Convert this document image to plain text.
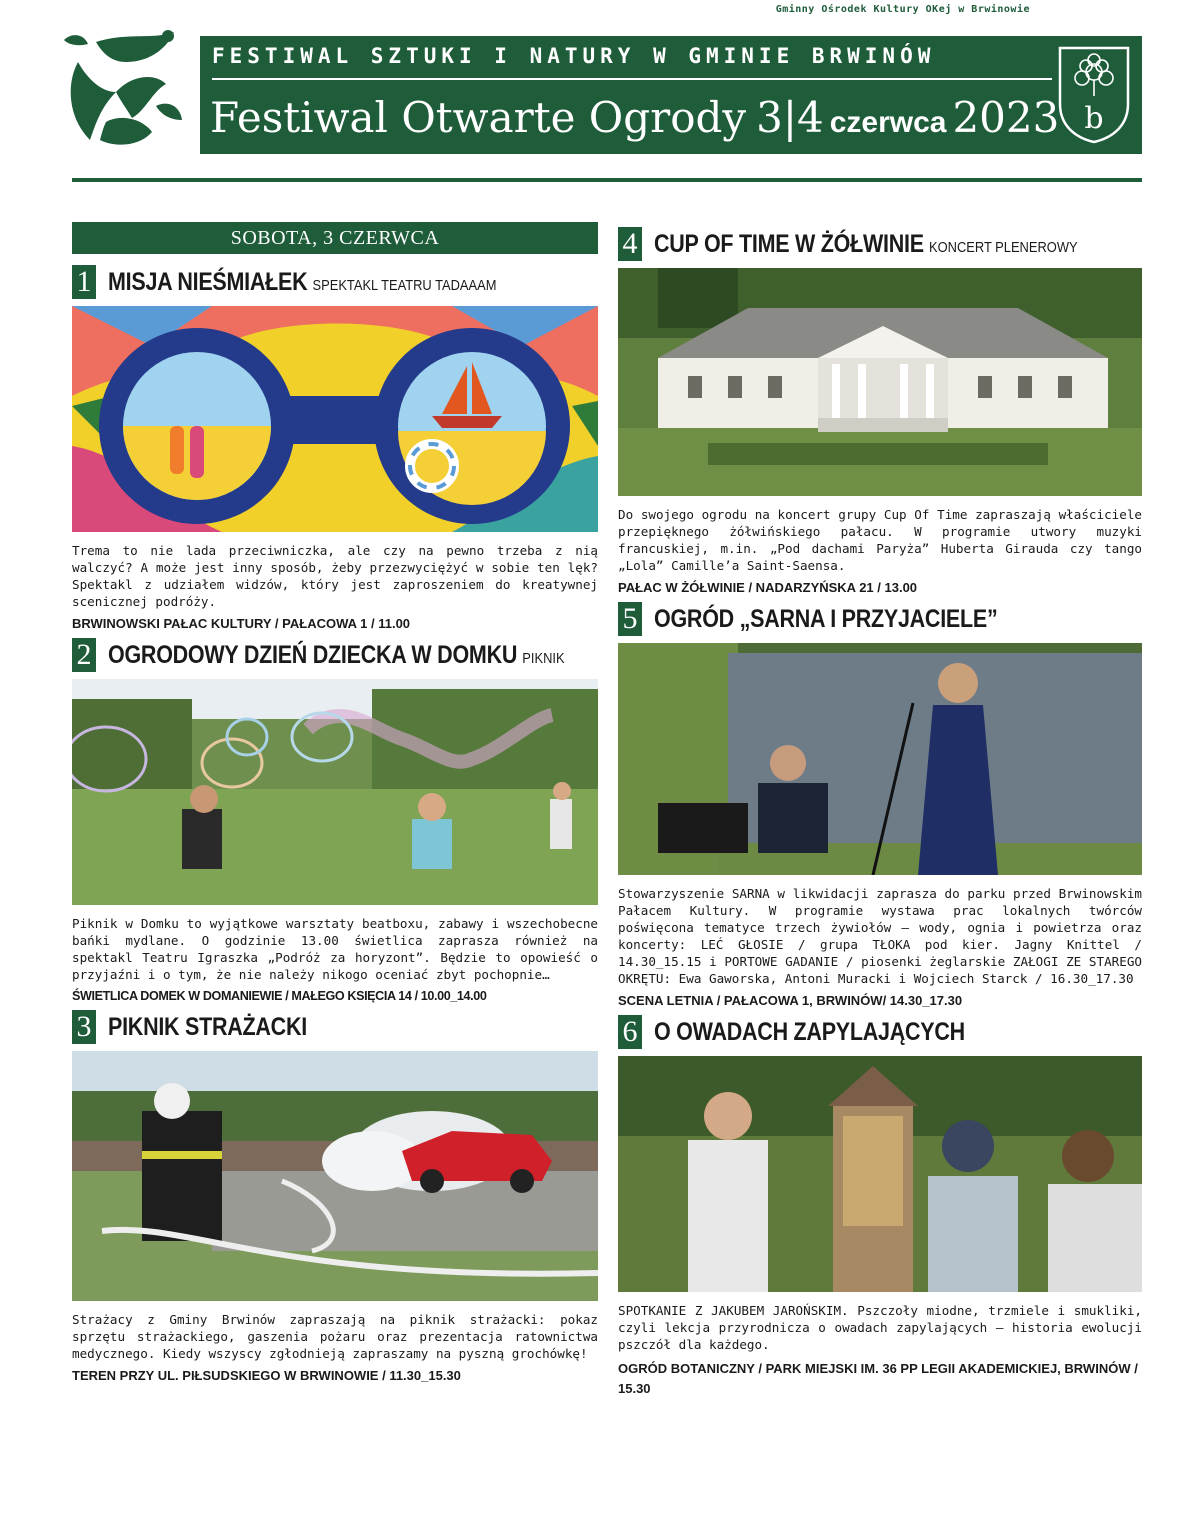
Gminny Ośrodek Kultury OKej w Brwinowie
FESTIWAL SZTUKI I NATURY W GMINIE BRWINÓW
Festiwal Otwarte Ogrody 3|4 czerwca 2023 b
SOBOTA, 3 CZERWCA
1 MISJA NIEŚMIAŁEK SPEKTAKL TEATRU TADAAAM

Trema to nie lada przeciwniczka, ale czy na pewno trzeba z nią walczyć? A może jest inny sposób, żeby przezwyciężyć w sobie ten lęk? Spektakl z udziałem widzów, który jest zaproszeniem do kreatywnej scenicznej podróży.

BRWINOWSKI PAŁAC KULTURY / PAŁACOWA 1 / 11.00
2 OGRODOWY DZIEŃ DZIECKA W DOMKU PIKNIK

Piknik w Domku to wyjątkowe warsztaty beatboxu, zabawy i wszechobecne bańki mydlane. O godzinie 13.00 świetlica zaprasza również na spektakl Teatru Igraszka „Podróż za horyzont”. Będzie to opowieść o przyjaźni i o tym, że nie należy nikogo oceniać zbyt pochopnie…

ŚWIETLICA DOMEK W DOMANIEWIE / MAŁEGO KSIĘCIA 14 / 10.00_14.00
3 PIKNIK STRAŻACKI

Strażacy z Gminy Brwinów zapraszają na piknik strażacki: pokaz sprzętu strażackiego, gaszenia pożaru oraz prezentacja ratownictwa medycznego. Kiedy wszyscy zgłodnieją zapraszamy na pyszną grochówkę!

TEREN PRZY UL. PIŁSUDSKIEGO W BRWINOWIE / 11.30_15.30
4 CUP OF TIME W ŻÓŁWINIE KONCERT PLENEROWY

Do swojego ogrodu na koncert grupy Cup Of Time zapraszają właściciele przepięknego żółwińskiego pałacu. W programie utwory muzyki francuskiej, m.in. „Pod dachami Paryża” Huberta Girauda czy tango „Lola” Camille’a Saint-Saensa.

PAŁAC W ŻÓŁWINIE / NADARZYŃSKA 21 / 13.00
5 OGRÓD „SARNA I PRZYJACIELE”

Stowarzyszenie SARNA w likwidacji zaprasza do parku przed Brwinowskim Pałacem Kultury. W programie wystawa prac lokalnych twórców poświęcona tematyce trzech żywiołów – wody, ognia i powietrza oraz koncerty: LEĆ GŁOSIE / grupa TŁOKA pod kier. Jagny Knittel / 14.30_15.15 i PORTOWE GADANIE / piosenki żeglarskie ZAŁOGI ZE STAREGO OKRĘTU: Ewa Gaworska, Antoni Muracki i Wojciech Starck / 16.30_17.30

SCENA LETNIA / PAŁACOWA 1, BRWINÓW/ 14.30_17.30
6 O OWADACH ZAPYLAJĄCYCH

SPOTKANIE Z JAKUBEM JAROŃSKIM. Pszczoły miodne, trzmiele i smukliki, czyli lekcja przyrodnicza o owadach zapylających – historia ewolucji pszczół dla każdego.

OGRÓD BOTANICZNY / PARK MIEJSKI IM. 36 PP LEGII AKADEMICKIEJ, BRWINÓW / 15.30
